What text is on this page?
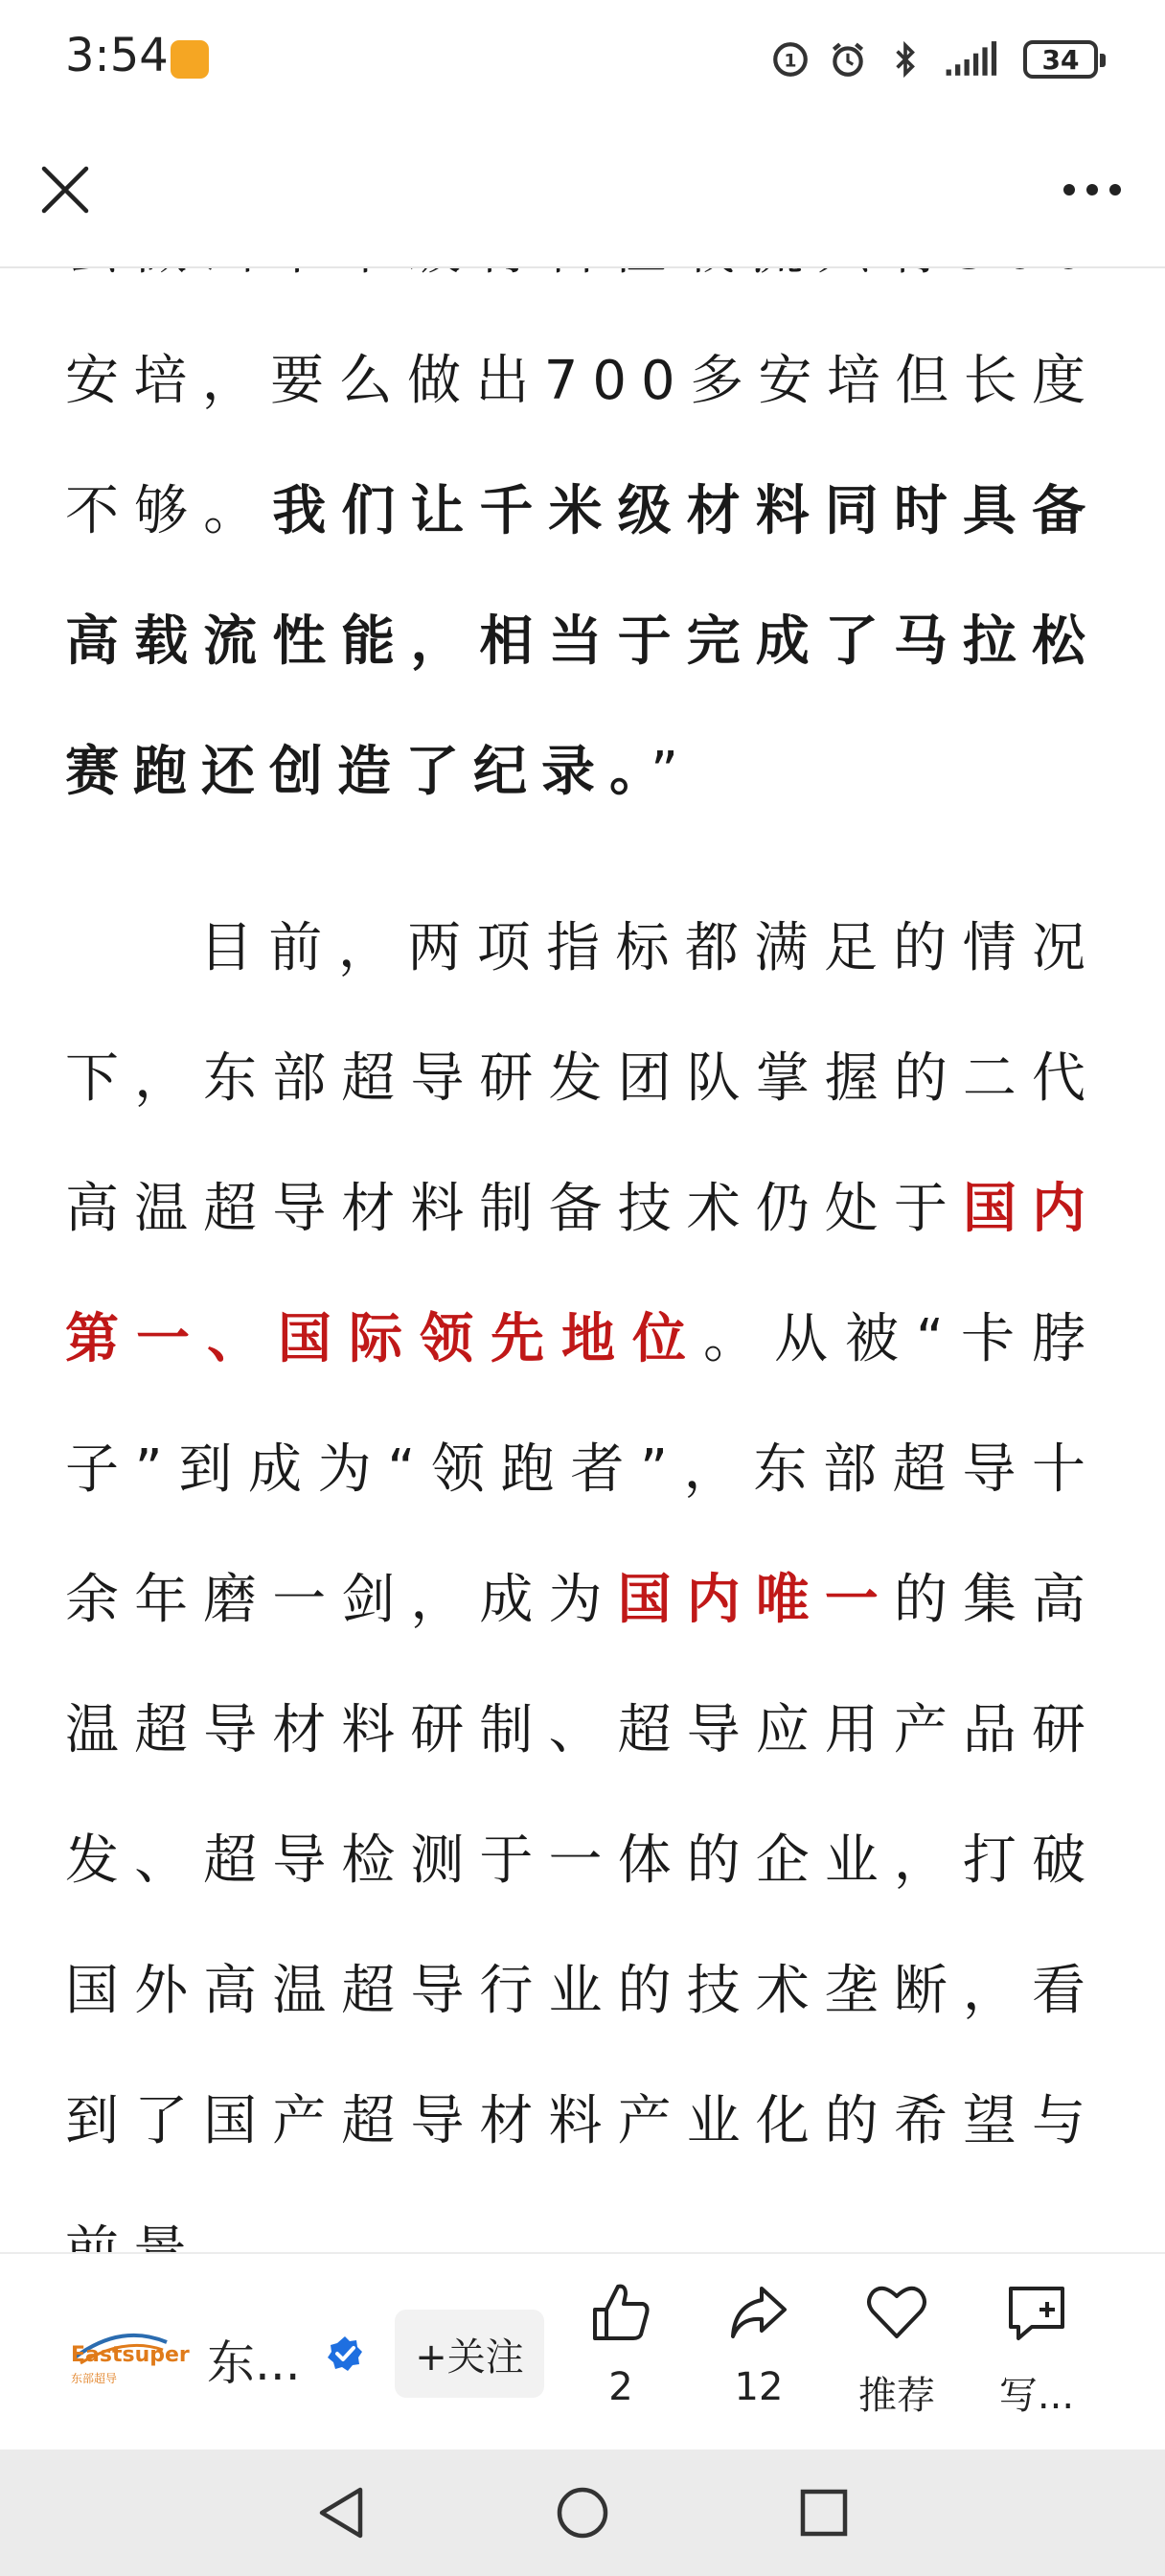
3:54	1	34

安培，要么做出700多安培但长度不够。我们让千米级材料同时具备高载流性能，相当于完成了马拉松赛跑还创造了纪录。”

目前，两项指标都满足的情况下，东部超导研发团队掌握的二代高温超导材料制备技术仍处于国内第一、国际领先地位。从被“卡脖子”到成为“领跑者”，东部超导十余年磨一剑，成为国内唯一的集高温超导材料研制、超导应用产品研发、超导检测于一体的企业，打破国外高温超导行业的技术垄断，看到了国产超导材料产业化的希望与

Eastsuper
东部超导 东...	+关注
2	12	推荐	写...
